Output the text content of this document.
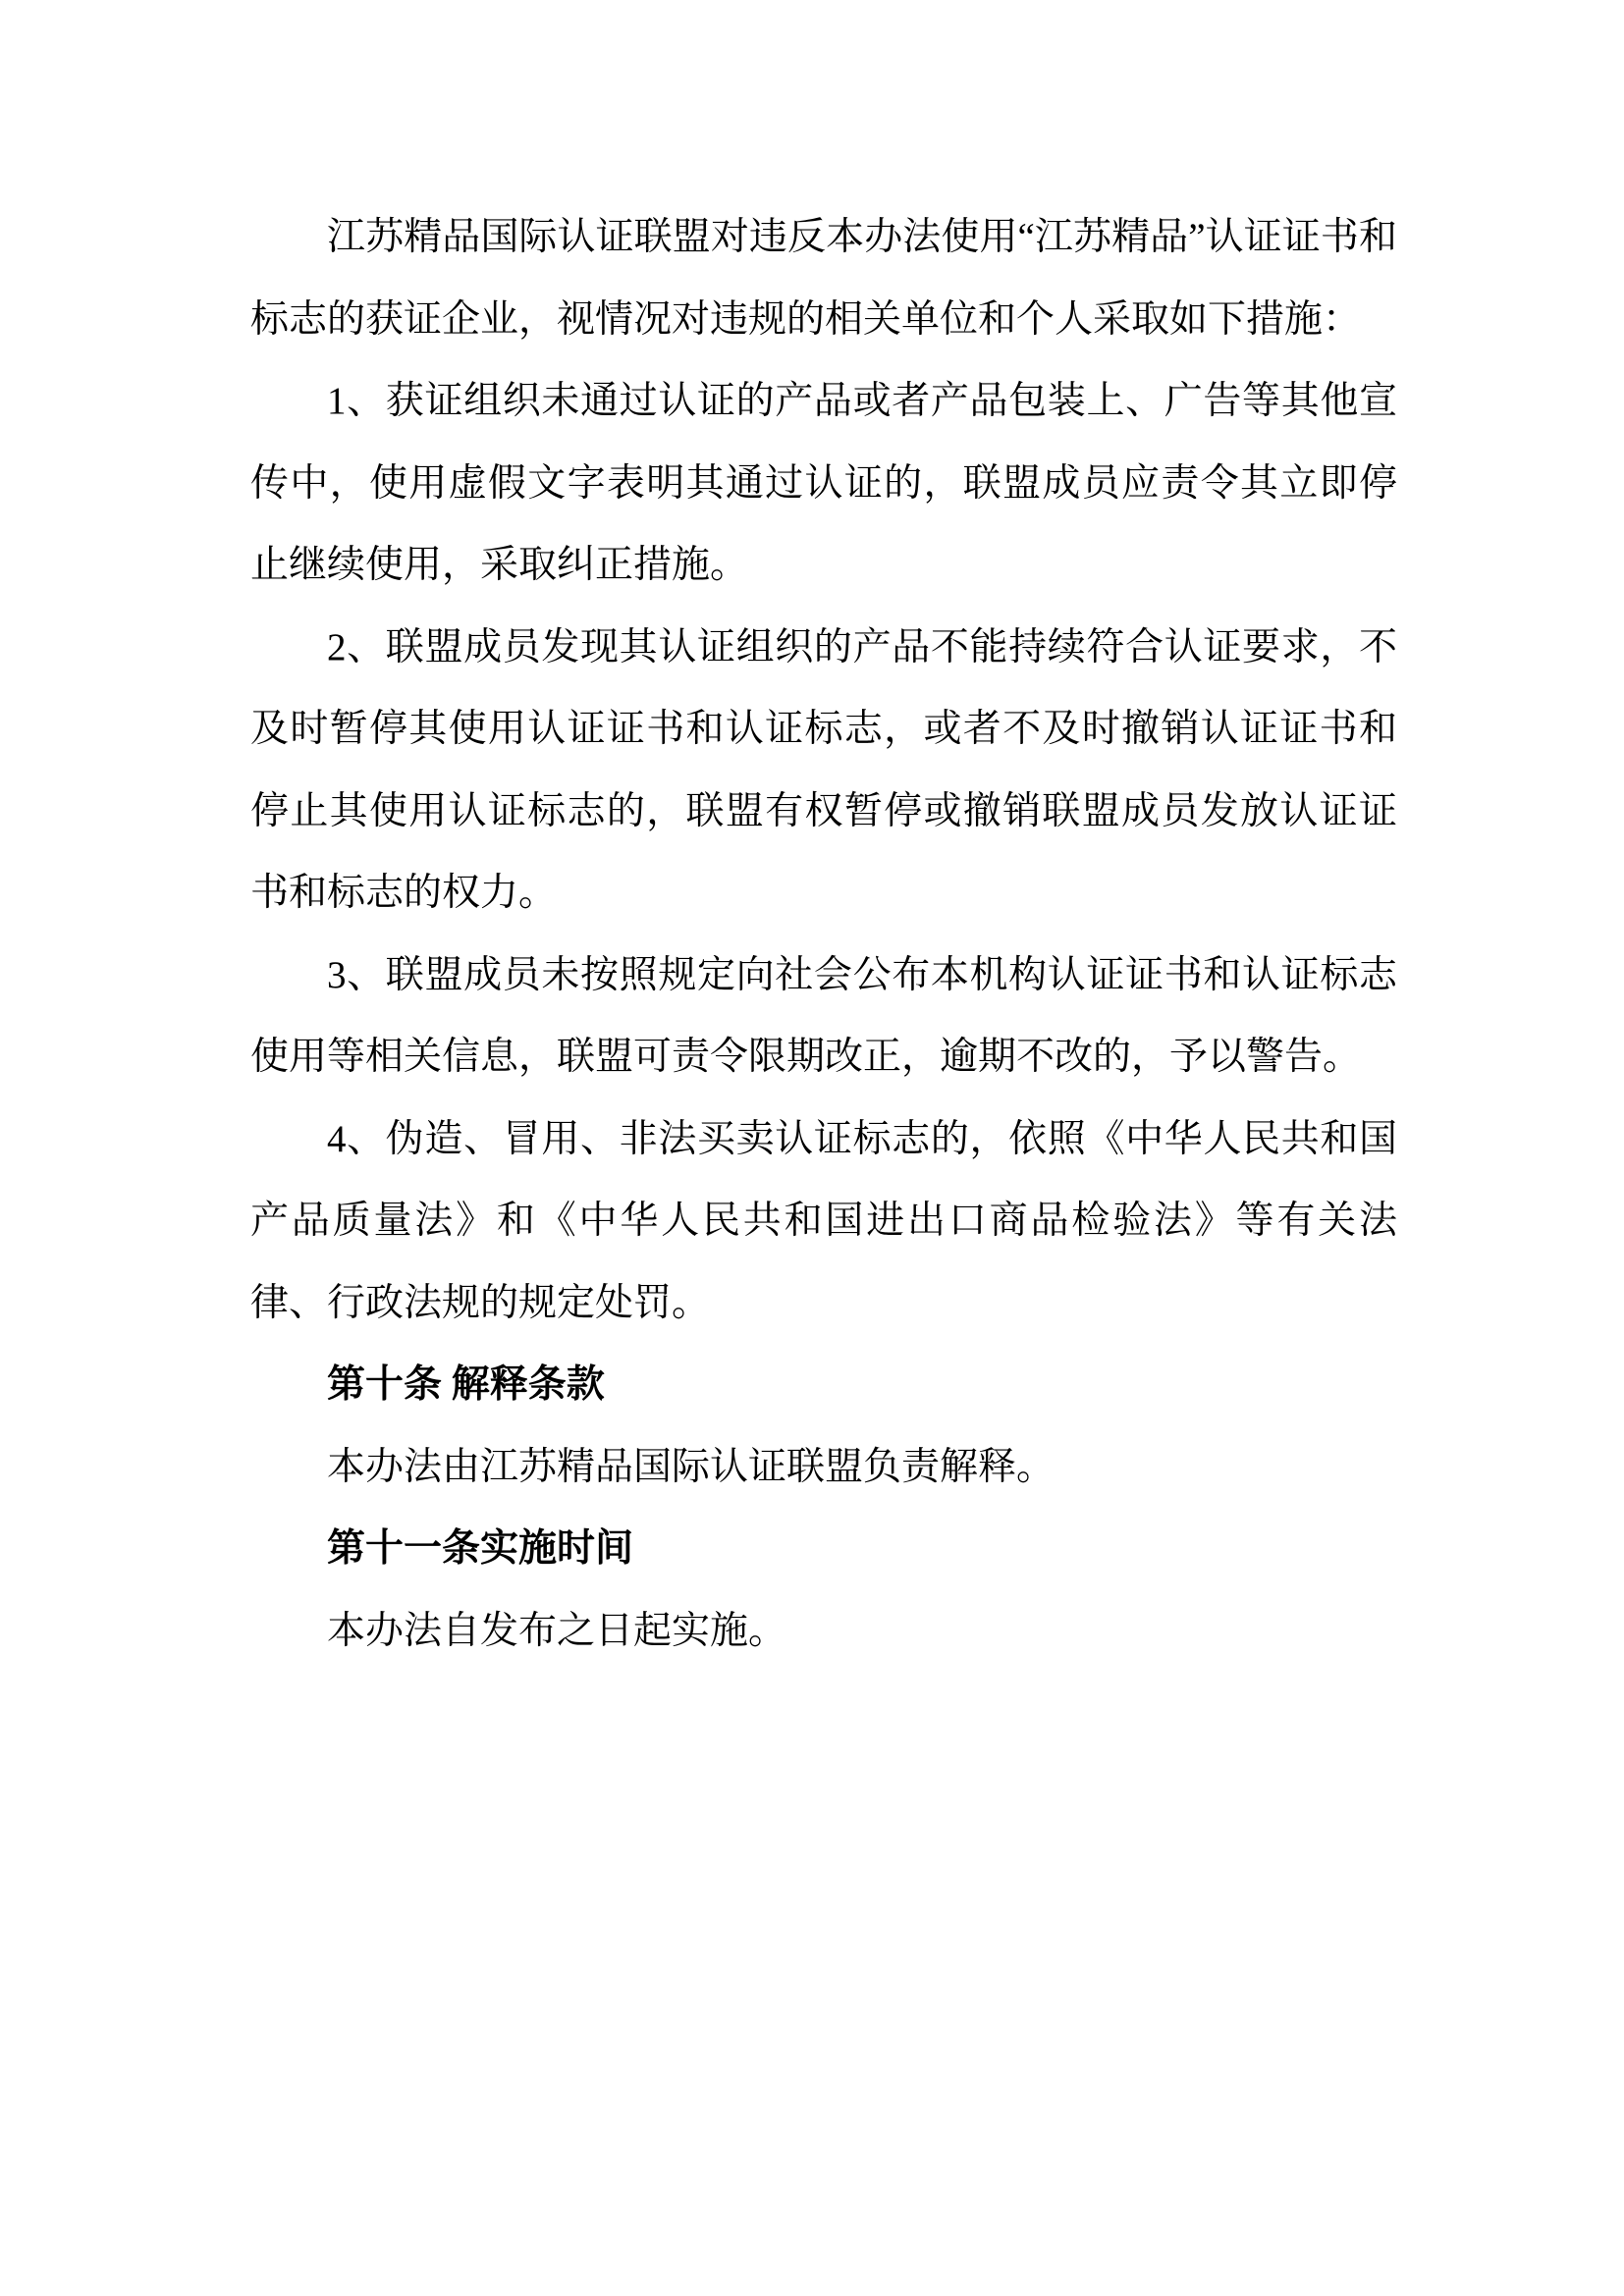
江苏精品国际认证联盟对违反本办法使用“江苏精品”认证证书和标志的获证企业，视情况对违规的相关单位和个人采取如下措施：

1、获证组织未通过认证的产品或者产品包装上、广告等其他宣传中，使用虚假文字表明其通过认证的，联盟成员应责令其立即停止继续使用，采取纠正措施。

2、联盟成员发现其认证组织的产品不能持续符合认证要求，不及时暂停其使用认证证书和认证标志，或者不及时撤销认证证书和停止其使用认证标志的，联盟有权暂停或撤销联盟成员发放认证证书和标志的权力。

3、联盟成员未按照规定向社会公布本机构认证证书和认证标志使用等相关信息，联盟可责令限期改正，逾期不改的，予以警告。

4、伪造、冒用、非法买卖认证标志的，依照《中华人民共和国产品质量法》和《中华人民共和国进出口商品检验法》等有关法律、行政法规的规定处罚。

第十条 解释条款

本办法由江苏精品国际认证联盟负责解释。

第十一条实施时间

本办法自发布之日起实施。
